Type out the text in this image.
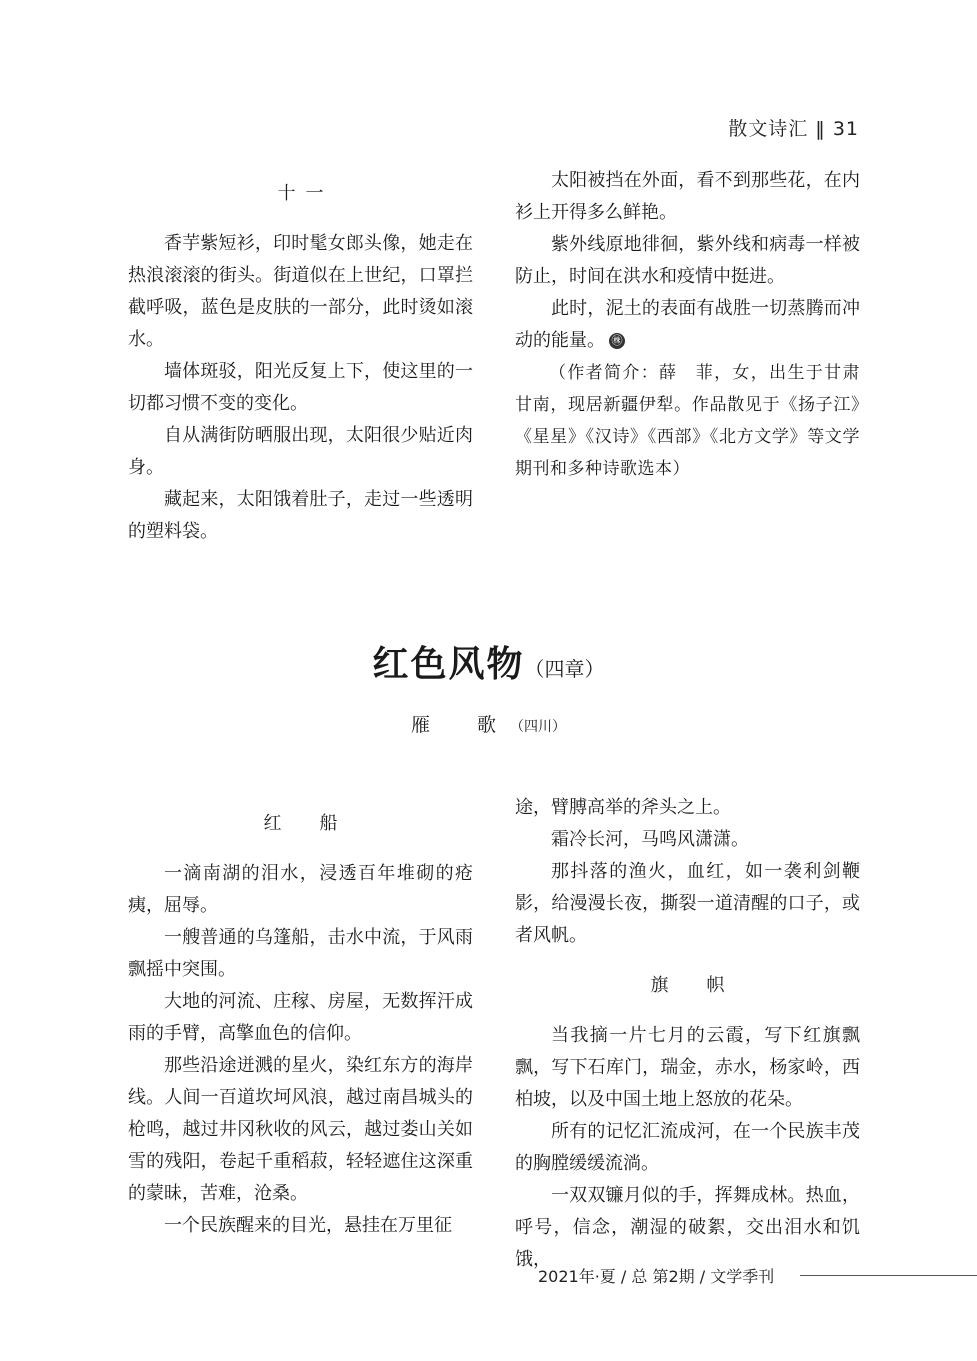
散文诗汇 ‖ 31
十一

香芋紫短衫，印时髦女郎头像，她走在热浪滚滚的街头。街道似在上世纪，口罩拦截呼吸，蓝色是皮肤的一部分，此时烫如滚水。

墙体斑驳，阳光反复上下，使这里的一切都习惯不变的变化。

自从满街防晒服出现，太阳很少贴近肉身。

藏起来，太阳饿着肚子，走过一些透明的塑料袋。

太阳被挡在外面，看不到那些花，在内衫上开得多么鲜艳。

紫外线原地徘徊，紫外线和病毒一样被防止，时间在洪水和疫情中挺进。

此时，泥土的表面有战胜一切蒸腾而冲动的能量。 ㊑

（作者简介：薛　菲，女，出生于甘肃甘南，现居新疆伊犁。作品散见于《扬子江》《星星》《汉诗》《西部》《北方文学》等文学期刊和多种诗歌选本）

红色风物（四章）
雁　歌（四川）
红　船

一滴南湖的泪水，浸透百年堆砌的疮痍，屈辱。

一艘普通的乌篷船，击水中流，于风雨飘摇中突围。

大地的河流、庄稼、房屋，无数挥汗成雨的手臂，高擎血色的信仰。

那些沿途迸溅的星火，染红东方的海岸线。人间一百道坎坷风浪，越过南昌城头的枪鸣，越过井冈秋收的风云，越过娄山关如雪的残阳，卷起千重稻菽，轻轻遮住这深重的蒙昧，苦难，沧桑。

一个民族醒来的目光，悬挂在万里征

途，臂膊高举的斧头之上。

霜冷长河，马鸣风潇潇。

那抖落的渔火，血红，如一袭利剑鞭影，给漫漫长夜，撕裂一道清醒的口子，或者风帆。

旗　帜

当我摘一片七月的云霞，写下红旗飘飘，写下石库门，瑞金，赤水，杨家岭，西柏坡，以及中国土地上怒放的花朵。

所有的记忆汇流成河，在一个民族丰茂的胸膛缓缓流淌。

一双双镰月似的手，挥舞成林。热血，呼号，信念，潮湿的破絮，交出泪水和饥饿，

2021年·夏 / 总 第2期 / 文学季刊
